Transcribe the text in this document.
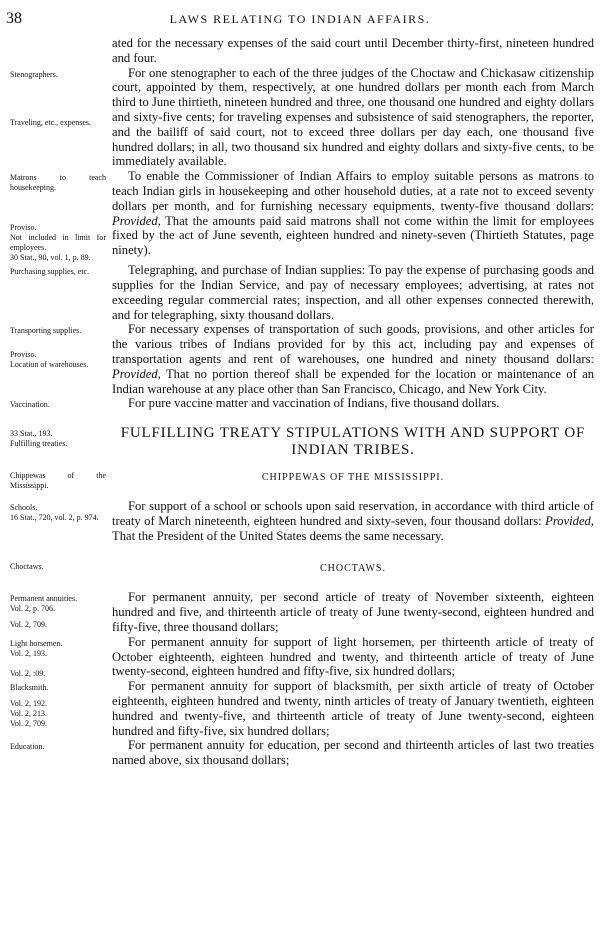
38	LAWS RELATING TO INDIAN AFFAIRS.

ated for the necessary expenses of the said court until December thirty-first, nineteen hundred and four.

Stenographers.
Traveling, etc., expenses.

For one stenographer to each of the three judges of the Choctaw and Chickasaw citizenship court, appointed by them, respectively, at one hundred dollars per month each from March third to June thirtieth, nineteen hundred and three, one thousand one hundred and eighty dollars and sixty-five cents; for traveling expenses and subsistence of said stenographers, the reporter, and the bailiff of said court, not to exceed three dollars per day each, one thousand five hundred dollars; in all, two thousand six hundred and eighty dollars and sixty-five cents, to be immediately available.

Matrons to teach housekeeping.
Proviso.
Not included in limit for employees.
30 Stat., 90, vol. 1, p. 89.

To enable the Commissioner of Indian Affairs to employ suitable persons as matrons to teach Indian girls in housekeeping and other household duties, at a rate not to exceed seventy dollars per month, and for furnishing necessary equipments, twenty-five thousand dollars: Provided, That the amounts paid said matrons shall not come within the limit for employees fixed by the act of June seventh, eighteen hundred and ninety-seven (Thirtieth Statutes, page ninety).

Purchasing supplies, etc.	Telegraphing, and purchase of Indian supplies: To pay the expense of purchasing goods and supplies for the Indian Service, and pay of necessary employees; advertising, at rates not exceeding regular commercial rates; inspection, and all other expenses connected therewith, and for telegraphing, sixty thousand dollars.

Transporting supplies.
Proviso.
Location of warehouses.

For necessary expenses of transportation of such goods, provisions, and other articles for the various tribes of Indians provided for by this act, including pay and expenses of transportation agents and rent of warehouses, one hundred and ninety thousand dollars: Provided, That no portion thereof shall be expended for the location or maintenance of an Indian warehouse at any place other than San Francisco, Chicago, and New York City.

Vaccination.	For pure vaccine matter and vaccination of Indians, five thousand dollars.

33 Stat., 193.
Fulfilling treaties.
FULFILLING TREATY STIPULATIONS WITH AND SUPPORT OF INDIAN TRIBES.
Chippewas of the Mississippi.
CHIPPEWAS OF THE MISSISSIPPI.
Schools.
16 Stat., 720, vol. 2, p. 974.

For support of a school or schools upon said reservation, in accordance with third article of treaty of March nineteenth, eighteen hundred and sixty-seven, four thousand dollars: Provided, That the President of the United States deems the same necessary.

Choctaws.	CHOCTAWS.
Permanent annuities.
Vol. 2, p. 706.
Vol. 2, 709.

For permanent annuity, per second article of treaty of November sixteenth, eighteen hundred and five, and thirteenth article of treaty of June twenty-second, eighteen hundred and fifty-five, three thousand dollars;

Light horsemen.
Vol. 2, 193.
Vol. 2, :09.

For permanent annuity for support of light horsemen, per thirteenth article of treaty of October eighteenth, eighteen hundred and twenty, and thirteenth article of treaty of June twenty-second, eighteen hundred and fifty-five, six hundred dollars;

Blacksmith.
Vol. 2, 192.
Vol. 2, 213.
Vol. 2, 709.

For permanent annuity for support of blacksmith, per sixth article of treaty of October eighteenth, eighteen hundred and twenty, ninth articles of treaty of January twentieth, eighteen hundred and twenty-five, and thirteenth article of treaty of June twenty-second, eighteen hundred and fifty-five, six hundred dollars;

Education.	For permanent annuity for education, per second and thirteenth articles of last two treaties named above, six thousand dollars;
